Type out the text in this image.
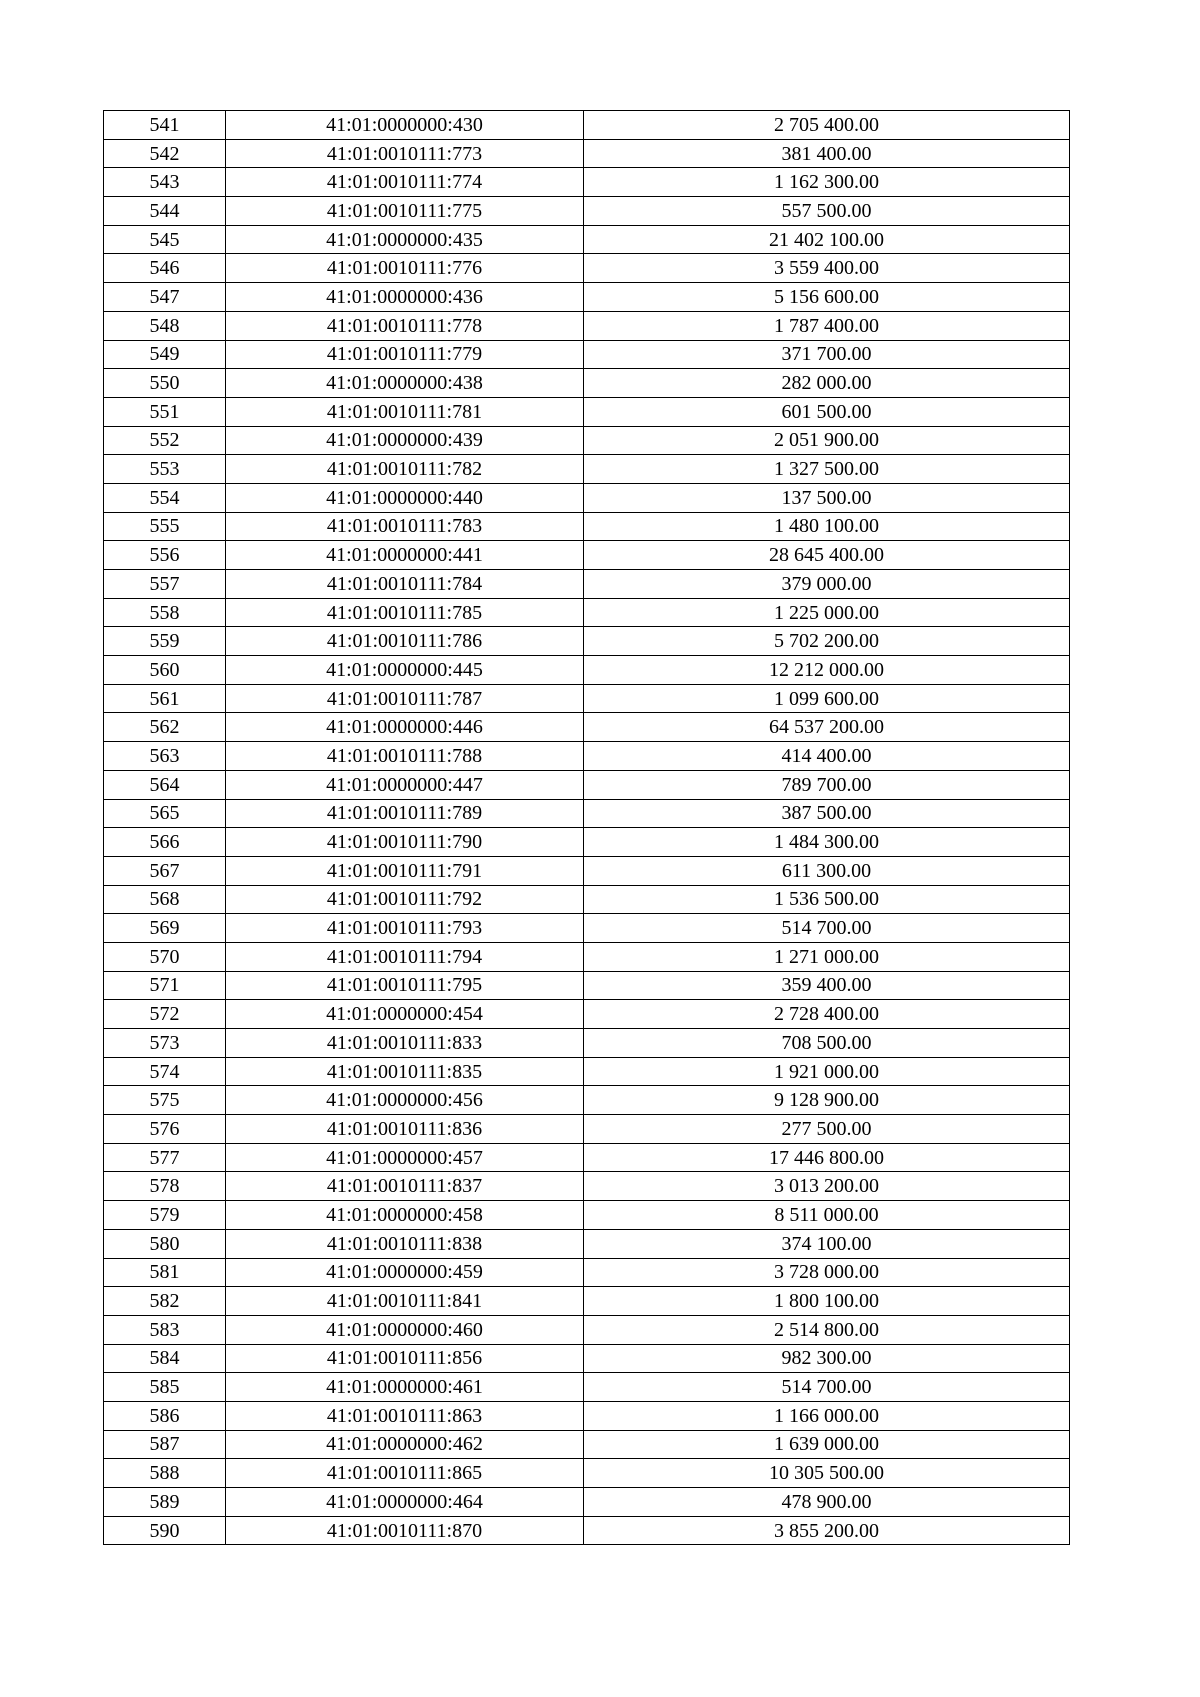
541	41:01:0000000:430	2 705 400.00
542	41:01:0010111:773	381 400.00
543	41:01:0010111:774	1 162 300.00
544	41:01:0010111:775	557 500.00
545	41:01:0000000:435	21 402 100.00
546	41:01:0010111:776	3 559 400.00
547	41:01:0000000:436	5 156 600.00
548	41:01:0010111:778	1 787 400.00
549	41:01:0010111:779	371 700.00
550	41:01:0000000:438	282 000.00
551	41:01:0010111:781	601 500.00
552	41:01:0000000:439	2 051 900.00
553	41:01:0010111:782	1 327 500.00
554	41:01:0000000:440	137 500.00
555	41:01:0010111:783	1 480 100.00
556	41:01:0000000:441	28 645 400.00
557	41:01:0010111:784	379 000.00
558	41:01:0010111:785	1 225 000.00
559	41:01:0010111:786	5 702 200.00
560	41:01:0000000:445	12 212 000.00
561	41:01:0010111:787	1 099 600.00
562	41:01:0000000:446	64 537 200.00
563	41:01:0010111:788	414 400.00
564	41:01:0000000:447	789 700.00
565	41:01:0010111:789	387 500.00
566	41:01:0010111:790	1 484 300.00
567	41:01:0010111:791	611 300.00
568	41:01:0010111:792	1 536 500.00
569	41:01:0010111:793	514 700.00
570	41:01:0010111:794	1 271 000.00
571	41:01:0010111:795	359 400.00
572	41:01:0000000:454	2 728 400.00
573	41:01:0010111:833	708 500.00
574	41:01:0010111:835	1 921 000.00
575	41:01:0000000:456	9 128 900.00
576	41:01:0010111:836	277 500.00
577	41:01:0000000:457	17 446 800.00
578	41:01:0010111:837	3 013 200.00
579	41:01:0000000:458	8 511 000.00
580	41:01:0010111:838	374 100.00
581	41:01:0000000:459	3 728 000.00
582	41:01:0010111:841	1 800 100.00
583	41:01:0000000:460	2 514 800.00
584	41:01:0010111:856	982 300.00
585	41:01:0000000:461	514 700.00
586	41:01:0010111:863	1 166 000.00
587	41:01:0000000:462	1 639 000.00
588	41:01:0010111:865	10 305 500.00
589	41:01:0000000:464	478 900.00
590	41:01:0010111:870	3 855 200.00
